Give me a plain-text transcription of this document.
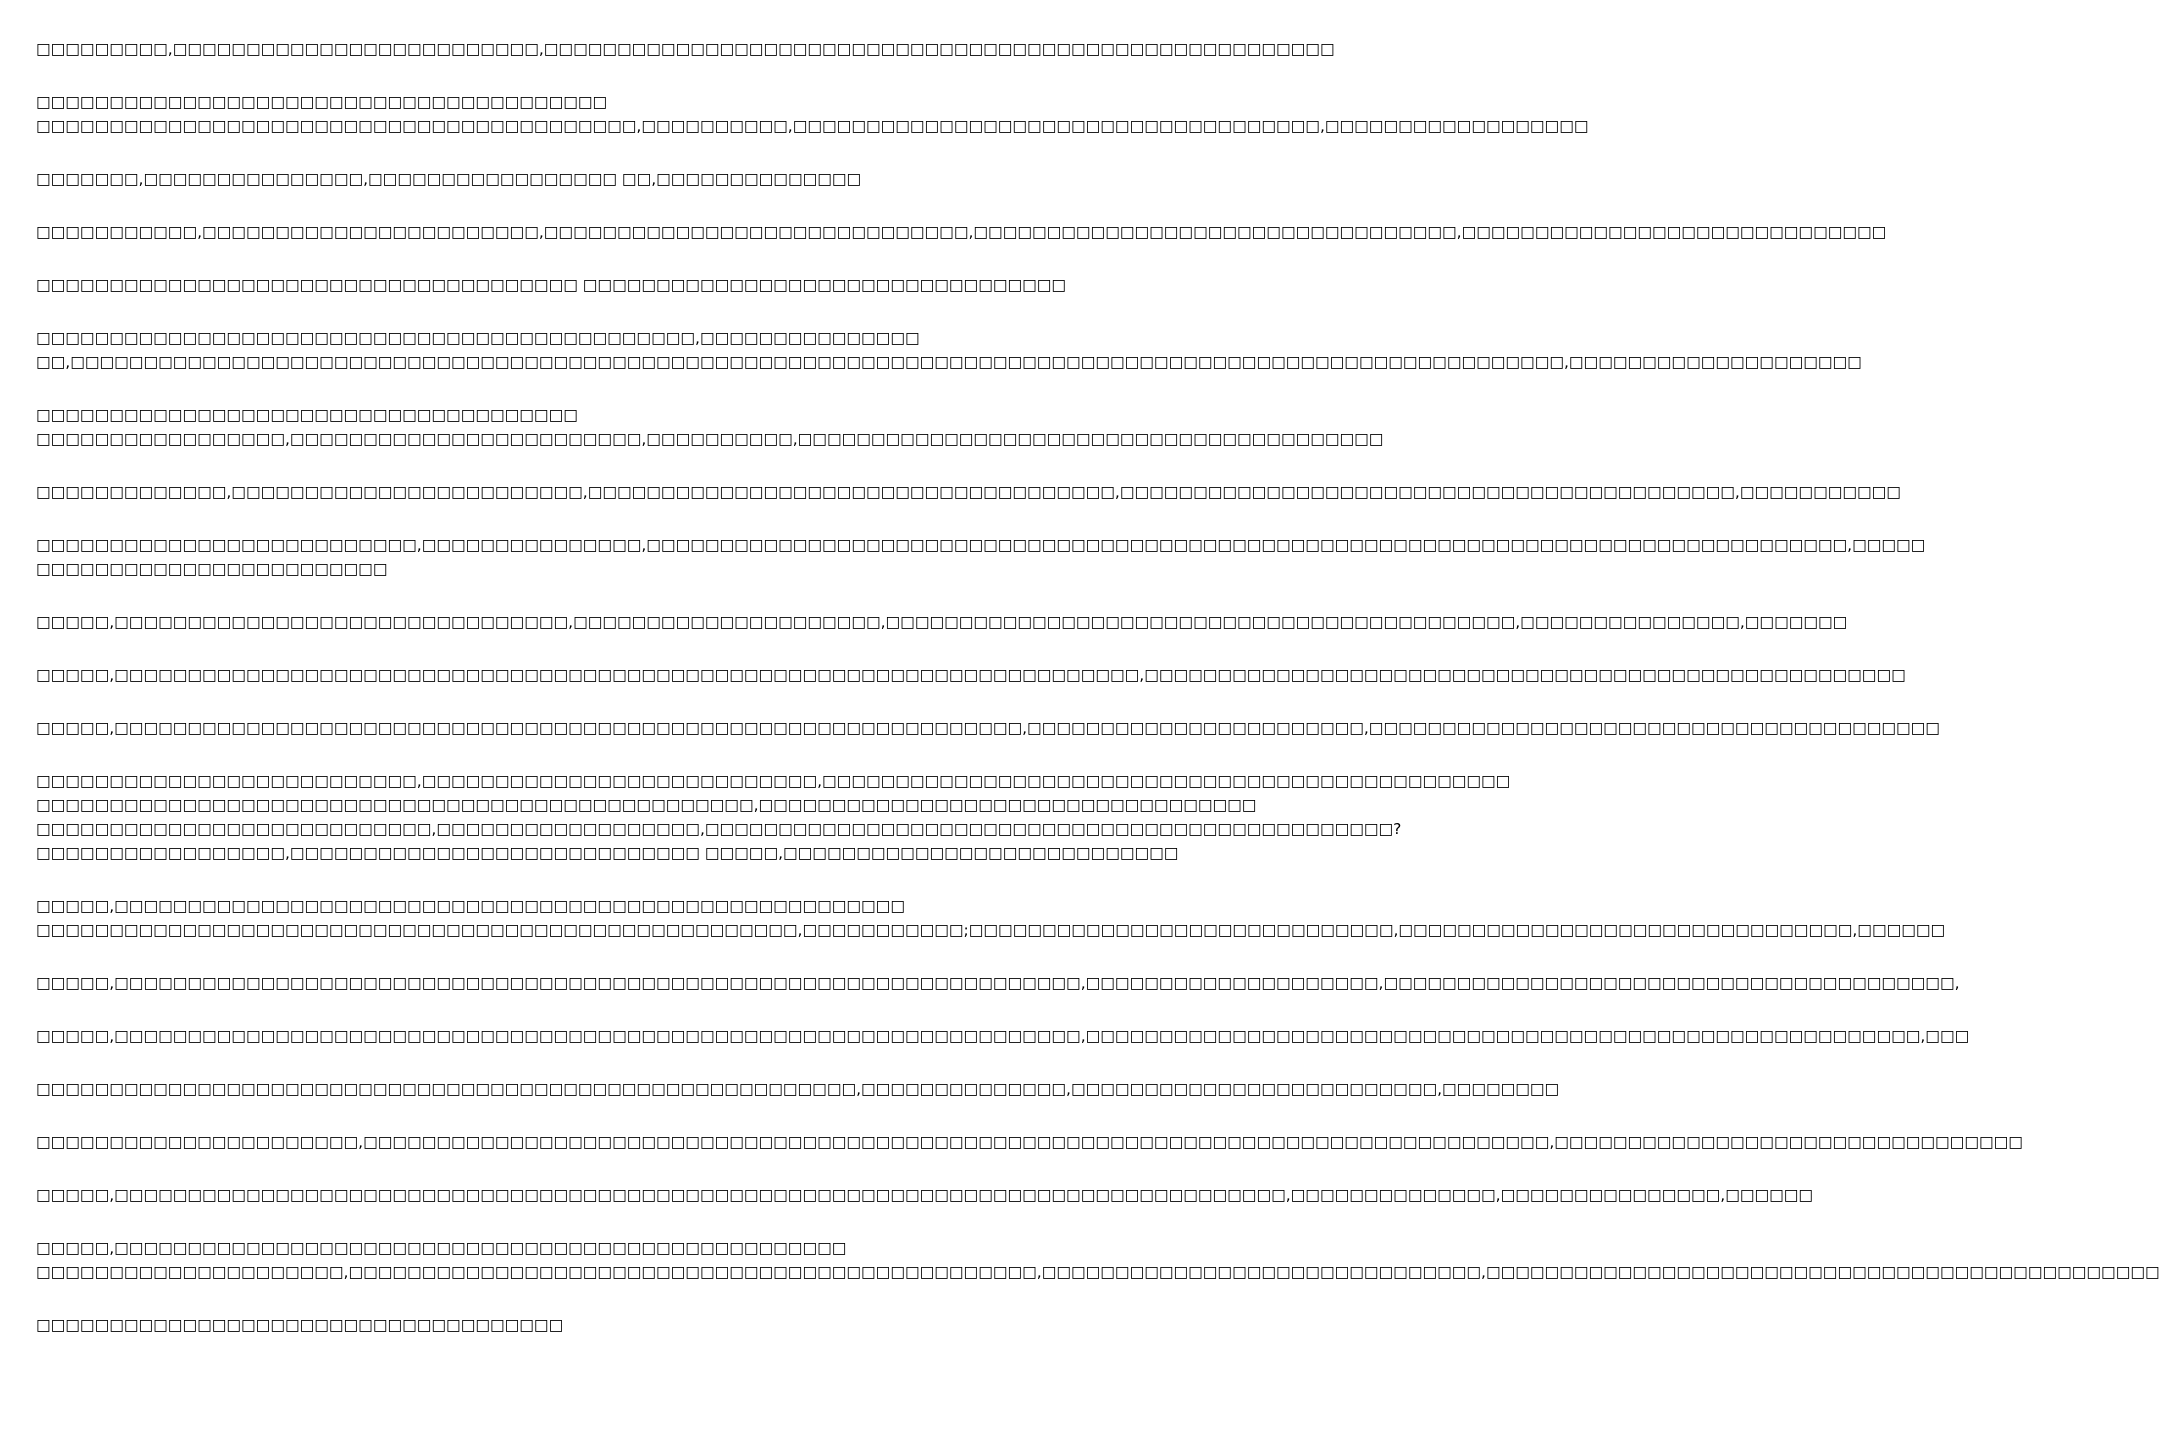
□□□□□□□□□,□□□□□□□□□□□□□□□□□□□□□□□□□,□□□□□□□□□□□□□□□□□□□□□□□□□□□□□□□□□□□□□□□□□□□□□□□□□□□□□□
□□□□□□□□□□□□□□□□□□□□□□□□□□□□□□□□□□□□□□□
□□□□□□□□□□□□□□□□□□□□□□□□□□□□□□□□□□□□□□□□□,□□□□□□□□□□,□□□□□□□□□□□□□□□□□□□□□□□□□□□□□□□□□□□□,□□□□□□□□□□□□□□□□□□
□□□□□□□,□□□□□□□□□□□□□□□,□□□□□□□□□□□□□□□□□ □□,□□□□□□□□□□□□□□
□□□□□□□□□□□,□□□□□□□□□□□□□□□□□□□□□□□,□□□□□□□□□□□□□□□□□□□□□□□□□□□□□,□□□□□□□□□□□□□□□□□□□□□□□□□□□□□□□□□,□□□□□□□□□□□□□□□□□□□□□□□□□□□□□
□□□□□□□□□□□□□□□□□□□□□□□□□□□□□□□□□□□□□ □□□□□□□□□□□□□□□□□□□□□□□□□□□□□□□□□
□□□□□□□□□□□□□□□□□□□□□□□□□□□□□□□□□□□□□□□□□□□□□,□□□□□□□□□□□□□□□
□□,□□□□□□□□□□□□□□□□□□□□□□□□□□□□□□□□□□□□□□□□□□□□□□□□□□□□□□□□□□□□□□□□□□□□□□□□□□□□□□□□□□□□□□□□□□□□□□□□□□□□□□,□□□□□□□□□□□□□□□□□□□□
□□□□□□□□□□□□□□□□□□□□□□□□□□□□□□□□□□□□□
□□□□□□□□□□□□□□□□□,□□□□□□□□□□□□□□□□□□□□□□□□,□□□□□□□□□□,□□□□□□□□□□□□□□□□□□□□□□□□□□□□□□□□□□□□□□□□
□□□□□□□□□□□□□,□□□□□□□□□□□□□□□□□□□□□□□□,□□□□□□□□□□□□□□□□□□□□□□□□□□□□□□□□□□□□,□□□□□□□□□□□□□□□□□□□□□□□□□□□□□□□□□□□□□□□□□□,□□□□□□□□□□□
□□□□□□□□□□□□□□□□□□□□□□□□□□,□□□□□□□□□□□□□□□,□□□□□□□□□□□□□□□□□□□□□□□□□□□□□□□□□□□□□□□□□□□□□□□□□□□□□□□□□□□□□□□□□□□□□□□□□□□□□□□□□□,□□□□□
□□□□□□□□□□□□□□□□□□□□□□□□
□□□□□,□□□□□□□□□□□□□□□□□□□□□□□□□□□□□□□,□□□□□□□□□□□□□□□□□□□□□,□□□□□□□□□□□□□□□□□□□□□□□□□□□□□□□□□□□□□□□□□□□,□□□□□□□□□□□□□□□,□□□□□□□
□□□□□,□□□□□□□□□□□□□□□□□□□□□□□□□□□□□□□□□□□□□□□□□□□□□□□□□□□□□□□□□□□□□□□□□□□□□□,□□□□□□□□□□□□□□□□□□□□□□□□□□□□□□□□□□□□□□□□□□□□□□□□□□□□
□□□□□,□□□□□□□□□□□□□□□□□□□□□□□□□□□□□□□□□□□□□□□□□□□□□□□□□□□□□□□□□□□□□□,□□□□□□□□□□□□□□□□□□□□□□□,□□□□□□□□□□□□□□□□□□□□□□□□□□□□□□□□□□□□□□□
□□□□□□□□□□□□□□□□□□□□□□□□□□,□□□□□□□□□□□□□□□□□□□□□□□□□□□,□□□□□□□□□□□□□□□□□□□□□□□□□□□□□□□□□□□□□□□□□□□□□□□
□□□□□□□□□□□□□□□□□□□□□□□□□□□□□□□□□□□□□□□□□□□□□□□□□,□□□□□□□□□□□□□□□□□□□□□□□□□□□□□□□□□□
□□□□□□□□□□□□□□□□□□□□□□□□□□□,□□□□□□□□□□□□□□□□□□,□□□□□□□□□□□□□□□□□□□□□□□□□□□□□□□□□□□□□□□□□□□□□□□?
□□□□□□□□□□□□□□□□□,□□□□□□□□□□□□□□□□□□□□□□□□□□□□ □□□□□,□□□□□□□□□□□□□□□□□□□□□□□□□□□
□□□□□,□□□□□□□□□□□□□□□□□□□□□□□□□□□□□□□□□□□□□□□□□□□□□□□□□□□□□□
□□□□□□□□□□□□□□□□□□□□□□□□□□□□□□□□□□□□□□□□□□□□□□□□□□□□,□□□□□□□□□□□;□□□□□□□□□□□□□□□□□□□□□□□□□□□□□,□□□□□□□□□□□□□□□□□□□□□□□□□□□□□□□,□□□□□□
□□□□□,□□□□□□□□□□□□□□□□□□□□□□□□□□□□□□□□□□□□□□□□□□□□□□□□□□□□□□□□□□□□□□□□□□,□□□□□□□□□□□□□□□□□□□□,□□□□□□□□□□□□□□□□□□□□□□□□□□□□□□□□□□□□□□□,
□□□□□,□□□□□□□□□□□□□□□□□□□□□□□□□□□□□□□□□□□□□□□□□□□□□□□□□□□□□□□□□□□□□□□□□□,□□□□□□□□□□□□□□□□□□□□□□□□□□□□□□□□□□□□□□□□□□□□□□□□□□□□□□□□□,□□□
□□□□□□□□□□□□□□□□□□□□□□□□□□□□□□□□□□□□□□□□□□□□□□□□□□□□□□□□,□□□□□□□□□□□□□□,□□□□□□□□□□□□□□□□□□□□□□□□□,□□□□□□□□
□□□□□□□□□□□□□□□□□□□□□□,□□□□□□□□□□□□□□□□□□□□□□□□□□□□□□□□□□□□□□□□□□□□□□□□□□□□□□□□□□□□□□□□□□□□□□□□□□□□□□□□□,□□□□□□□□□□□□□□□□□□□□□□□□□□□□□□□□
□□□□□,□□□□□□□□□□□□□□□□□□□□□□□□□□□□□□□□□□□□□□□□□□□□□□□□□□□□□□□□□□□□□□□□□□□□□□□□□□□□□□□□,□□□□□□□□□□□□□□,□□□□□□□□□□□□□□□,□□□□□□
□□□□□,□□□□□□□□□□□□□□□□□□□□□□□□□□□□□□□□□□□□□□□□□□□□□□□□□□
□□□□□□□□□□□□□□□□□□□□□,□□□□□□□□□□□□□□□□□□□□□□□□□□□□□□□□□□□□□□□□□□□□□□□,□□□□□□□□□□□□□□□□□□□□□□□□□□□□□□,□□□□□□□□□□□□□□□□□□□□□□□□□□□□□□□□□□□□□□□□□□□□□□
□□□□□□□□□□□□□□□□□□□□□□□□□□□□□□□□□□□□
